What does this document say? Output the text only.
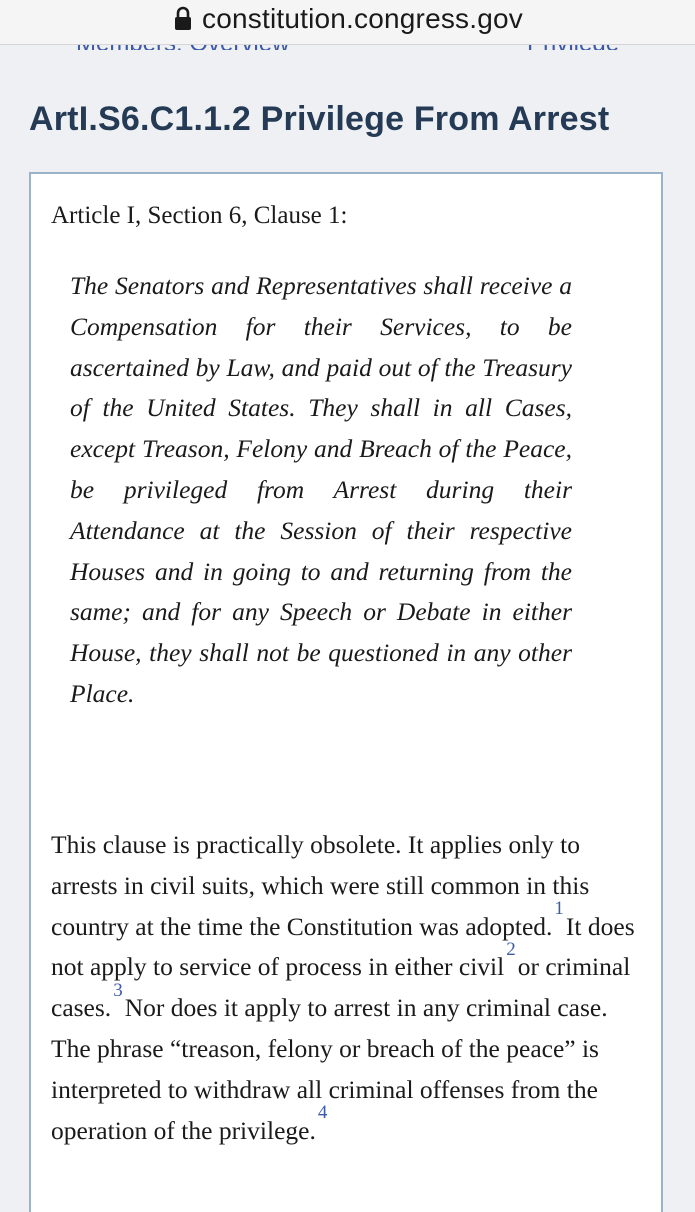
constitution.congress.gov
ArtI.S6.C1.1.2 Privilege From Arrest
Article I, Section 6, Clause 1:

The Senators and Representatives shall receive a Compensation for their Services, to be ascertained by Law, and paid out of the Treasury of the United States. They shall in all Cases, except Treason, Felony and Breach of the Peace, be privileged from Arrest during their Attendance at the Session of their respective Houses and in going to and returning from the same; and for any Speech or Debate in either House, they shall not be questioned in any other Place.

This clause is practically obsolete. It applies only to arrests in civil suits, which were still common in this country at the time the Constitution was adopted.$^1$It does not apply to service of process in either civil$^2$or criminal cases.$^3$Nor does it apply to arrest in any criminal case. The phrase “treason, felony or breach of the peace” is interpreted to withdraw all criminal offenses from the operation of the privilege.$^4$
